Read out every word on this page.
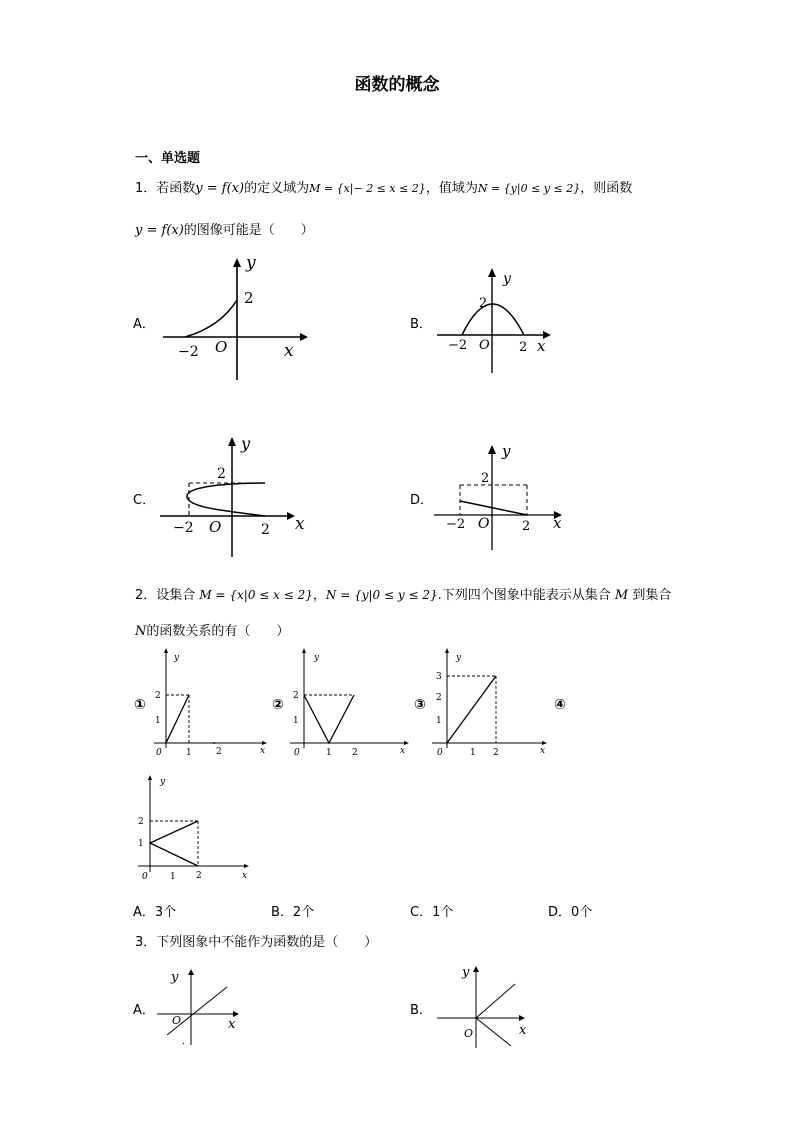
函数的概念
一、单选题
1．若函数y = f(x)的定义域为M = {x|− 2 ≤ x ≤ 2}，值域为N = {y|0 ≤ y ≤ 2}，则函数
y = f(x)的图像可能是（　　）
A．
y
2
−2 O	x
B．
y
2
−2 O 2 x
C．
y
2
−2 O	2 x
D．
y
2
−2 O	2 x
2．设集合 M = {x|0 ≤ x ≤ 2}，N = {y|0 ≤ y ≤ 2}.下列四个图象中能表示从集合 M 到集合
N的函数关系的有（　　）
①
y
2
1
0	1	2	x
②
y
2
1
0	1 2	x
③
y
3
2
1
0	1 2	x
④
y
2
1
0 1 2	x
A．3个	B．2个	C．1个	D．0个
3．下列图象中不能作为函数的是（　　）
A．
y
O	x
B．
y
O	x
